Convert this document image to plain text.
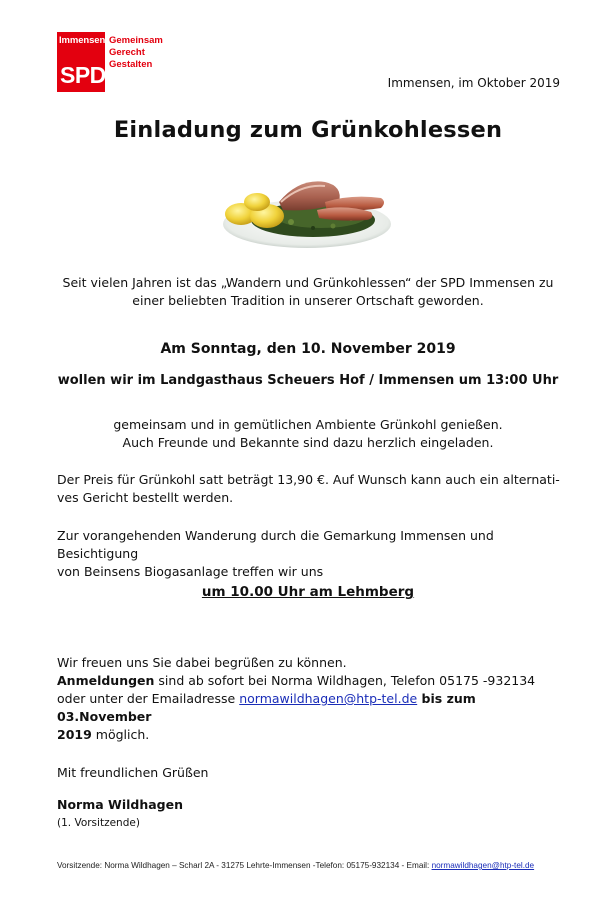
Immensen
SPD
Gemeinsam
Gerecht
Gestalten
Immensen, im Oktober 2019
Einladung zum Grünkohlessen
Seit vielen Jahren ist das „Wandern und Grünkohlessen“ der SPD Immensen zu
einer beliebten Tradition in unserer Ortschaft geworden.
Am Sonntag, den 10. November 2019
wollen wir im Landgasthaus Scheuers Hof / Immensen um 13:00 Uhr
gemeinsam und in gemütlichen Ambiente Grünkohl genießen.
Auch Freunde und Bekannte sind dazu herzlich eingeladen.
Der Preis für Grünkohl satt beträgt 13,90 €. Auf Wunsch kann auch ein alternati-
ves Gericht bestellt werden.
Zur vorangehenden Wanderung durch die Gemarkung Immensen und Besichtigung
von Beinsens Biogasanlage treffen wir uns
um 10.00 Uhr am Lehmberg
Wir freuen uns Sie dabei begrüßen zu können.
Anmeldungen sind ab sofort bei Norma Wildhagen, Telefon 05175 -932134
oder unter der Emailadresse normawildhagen@htp-tel.de bis zum 03.November
2019 möglich.
Mit freundlichen Grüßen
Norma Wildhagen
(1. Vorsitzende)
Vorsitzende: Norma Wildhagen – Scharl 2A - 31275 Lehrte-Immensen -Telefon: 05175-932134 - Email: normawildhagen@htp-tel.de
